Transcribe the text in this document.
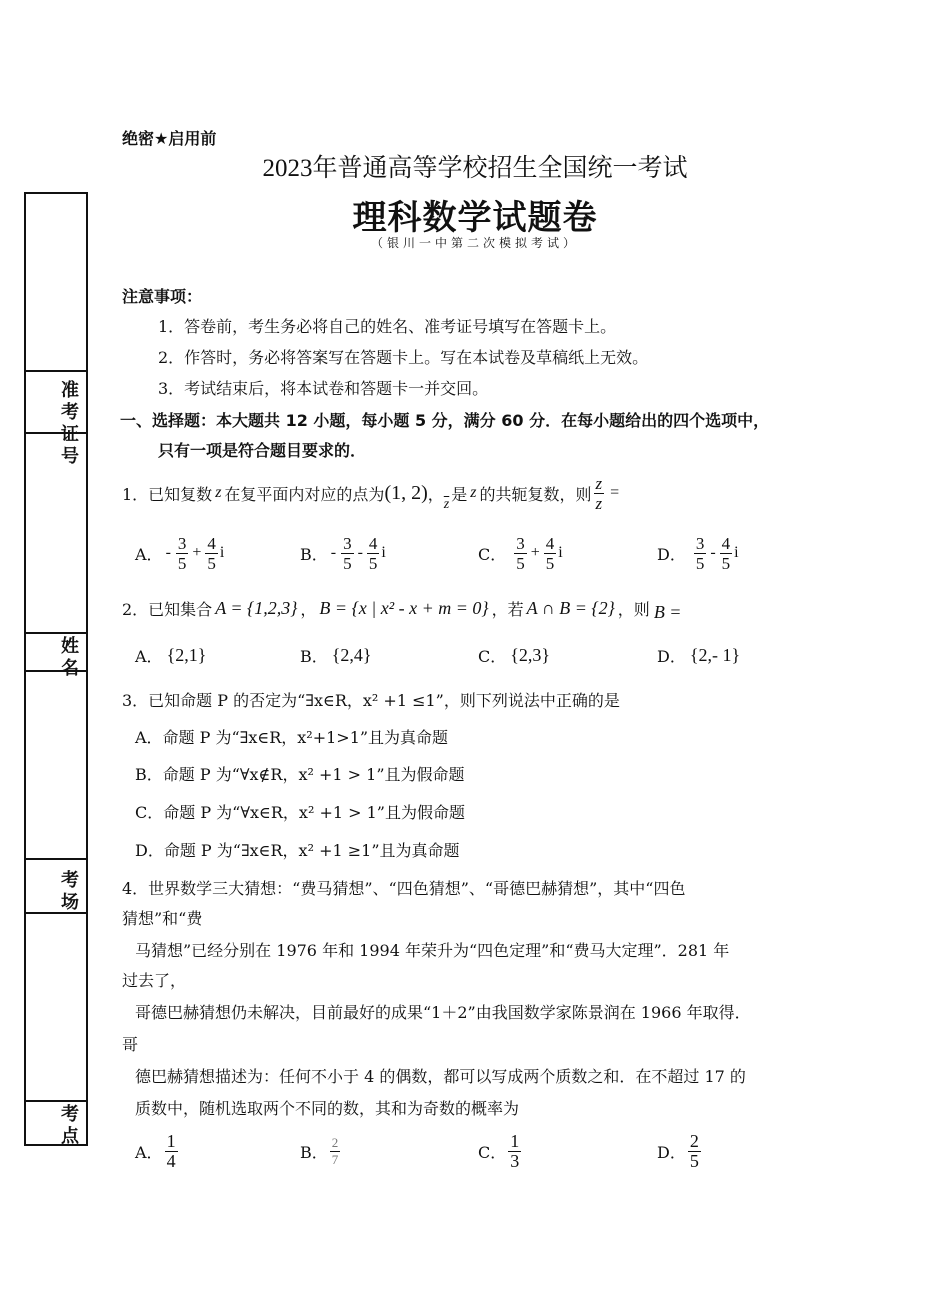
绝密★启用前
2023年普通高等学校招生全国统一考试
理科数学试题卷
（银川一中第二次模拟考试）
准考证号
姓名
考场
考点
注意事项：
1．答卷前，考生务必将自己的姓名、准考证号填写在答题卡上。
2．作答时，务必将答案写在答题卡上。写在本试卷及草稿纸上无效。
3．考试结束后，将本试卷和答题卡一并交回。
一、选择题：本大题共 12 小题，每小题 5 分，满分 60 分．在每小题给出的四个选项中，
只有一项是符合题目要求的．
1．已知复数 z 在复平面内对应的点为 (1, 2) ，
$\overline{z}$
是 z 的共轭复数，则 $\frac{z}{z}$ =
A． - $\frac{3}{5} + \frac{4}{5}$ i	B． - $\frac{3}{5} - \frac{4}{5}$ i	C． $\frac{3}{5} + \frac{4}{5}$ i	D． $\frac{3}{5} - \frac{4}{5}$ i
2．已知集合 A = {1,2,3} ， B = {x | x² - x + m = 0} ，若 A ∩ B = {2} ，则 B =
A． {2,1}	B． {2,4}	C． {2,3}	D． {2,- 1}
3．已知命题 P 的否定为“∃x∈R，x² +1 ≤1”，则下列说法中正确的是
A．命题 P 为“∃x∈R，x²+1>1”且为真命题
B．命题 P 为“∀x∉R，x² +1 > 1”且为假命题
C．命题 P 为“∀x∈R，x² +1 > 1”且为假命题
D．命题 P 为“∃x∈R，x² +1 ≥1”且为真命题
4．世界数学三大猜想：“费马猜想”、“四色猜想”、“哥德巴赫猜想”，其中“四色
猜想”和“费
马猜想”已经分别在 1976 年和 1994 年荣升为“四色定理”和“费马大定理”．281 年
过去了，
哥德巴赫猜想仍未解决，目前最好的成果“1＋2”由我国数学家陈景润在 1966 年取得．
哥
德巴赫猜想描述为：任何不小于 4 的偶数，都可以写成两个质数之和．在不超过 17 的
质数中，随机选取两个不同的数，其和为奇数的概率为
A． $\frac{1}{4}$	B． $\frac{2}{7}$	C． $\frac{1}{3}$	D． $\frac{2}{5}$
